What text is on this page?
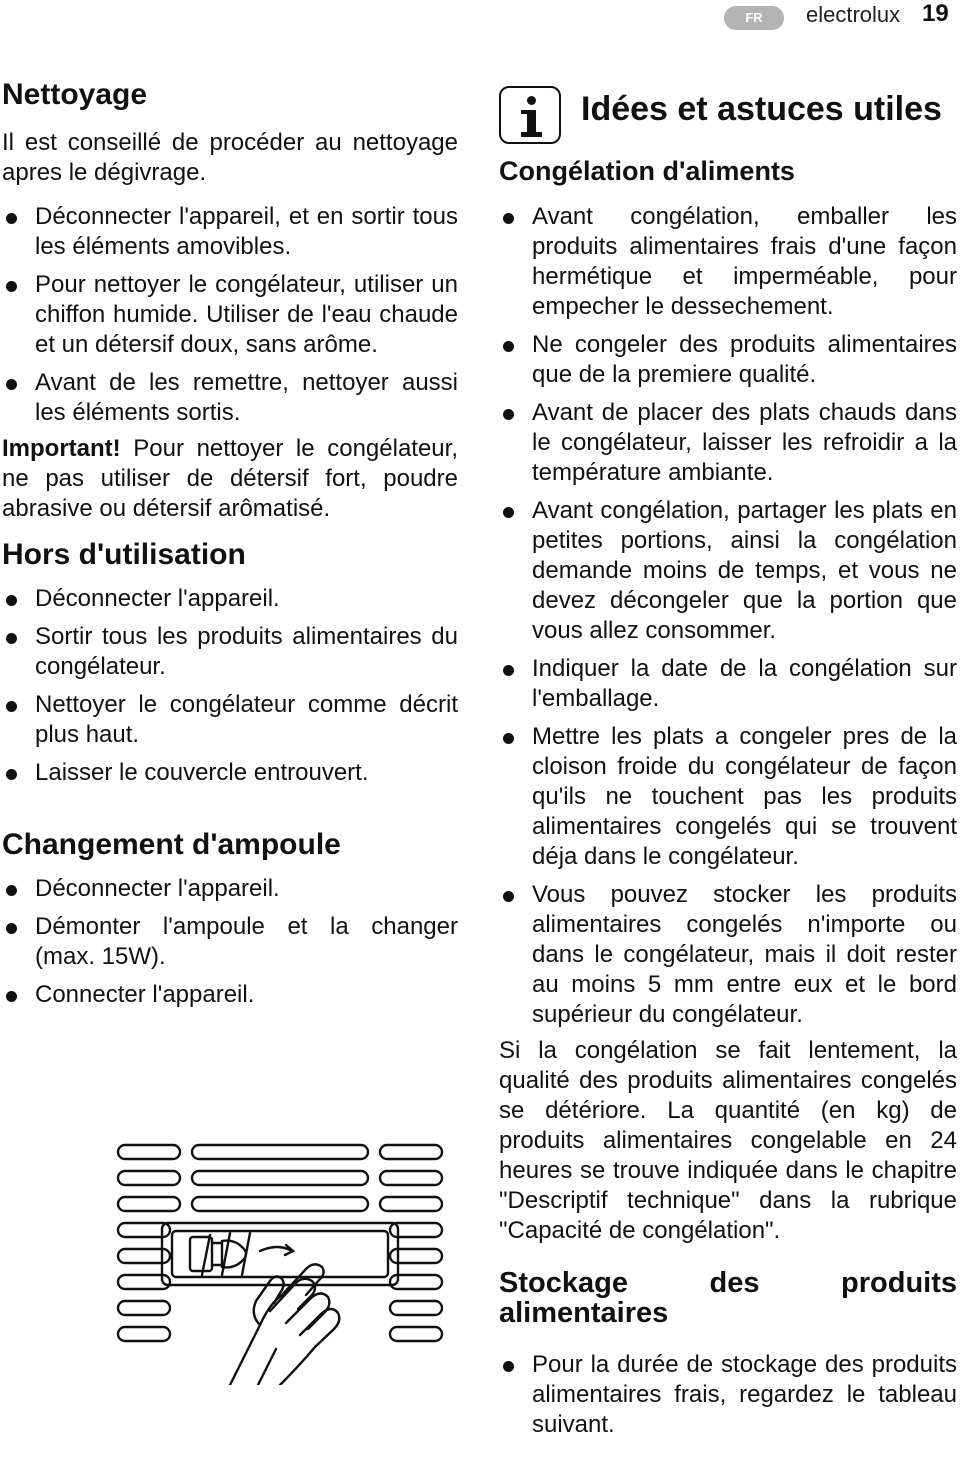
FR	electrolux 19
Nettoyage

Il est conseillé de procéder au nettoyage apres le dégivrage.

Déconnecter l'appareil, et en sortir tous les éléments amovibles.
Pour nettoyer le congélateur, utiliser un chiffon humide. Utiliser de l'eau chaude et un détersif doux, sans arôme.
Avant de les remettre, nettoyer aussi les éléments sortis.

Important! Pour nettoyer le congélateur, ne pas utiliser de détersif fort, poudre abrasive ou détersif arômatisé.

Hors d'utilisation
Déconnecter l'appareil.
Sortir tous les produits alimentaires du congélateur.
Nettoyer le congélateur comme décrit plus haut.
Laisser le couvercle entrouvert.
Changement d'ampoule
Déconnecter l'appareil.
Démonter l'ampoule et la changer (max. 15W).
Connecter l'appareil.
Idées et astuces utiles
Congélation d'aliments
Avant congélation, emballer les produits alimentaires frais d'une façon hermétique et imperméable, pour empecher le dessechement.
Ne congeler des produits alimentaires que de la premiere qualité.
Avant de placer des plats chauds dans le congélateur, laisser les refroidir a la température ambiante.
Avant congélation, partager les plats en petites portions, ainsi la congélation demande moins de temps, et vous ne devez décongeler que la portion que vous allez consommer.
Indiquer la date de la congélation sur l'emballage.
Mettre les plats a congeler pres de la cloison froide du congélateur de façon qu'ils ne touchent pas les produits alimentaires congelés qui se trouvent déja dans le congélateur.
Vous pouvez stocker les produits alimentaires congelés n'importe ou dans le congélateur, mais il doit rester au moins 5 mm entre eux et le bord supérieur du congélateur.

Si la congélation se fait lentement, la qualité des produits alimentaires congelés se détériore. La quantité (en kg) de produits alimentaires congelable en 24 heures se trouve indiquée dans le chapitre "Descriptif technique" dans la rubrique "Capacité de congélation".

Stockage des produits alimentaires
Pour la durée de stockage des produits alimentaires frais, regardez le tableau suivant.
